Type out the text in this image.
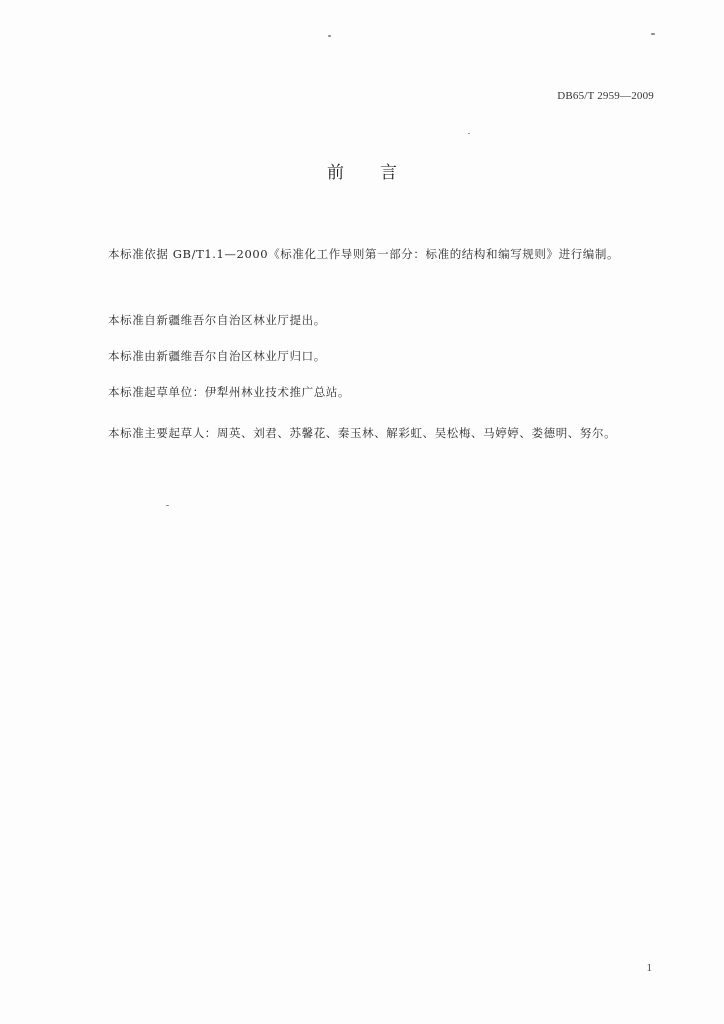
DB65/T 2959—2009
前言
本标准依据 GB/T1.1—2000《标准化工作导则第一部分：标准的结构和编写规则》进行编制。
本标准自新疆维吾尔自治区林业厅提出。
本标准由新疆维吾尔自治区林业厅归口。
本标准起草单位：伊犁州林业技术推广总站。
本标准主要起草人：周英、刘君、苏馨花、秦玉林、解彩虹、吴松梅、马婷婷、娄德明、努尔。
1
